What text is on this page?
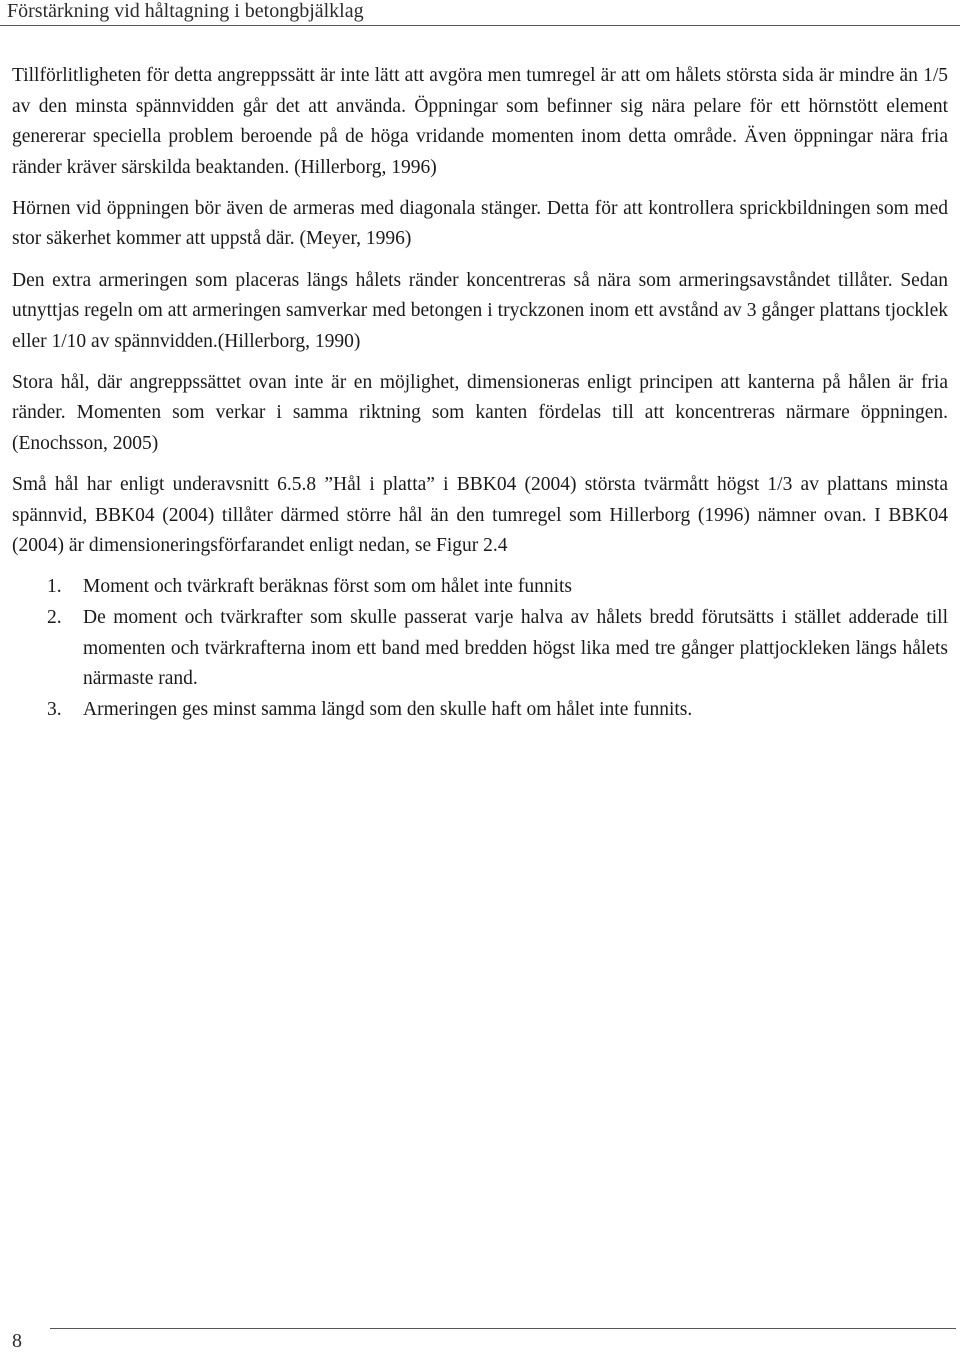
Förstärkning vid håltagning i betongbjälklag

Tillförlitligheten för detta angreppssätt är inte lätt att avgöra men tumregel är att om hålets största sida är mindre än 1/5 av den minsta spännvidden går det att använda. Öppningar som befinner sig nära pelare för ett hörnstött element genererar speciella problem beroende på de höga vridande momenten inom detta område. Även öppningar nära fria ränder kräver särskilda beaktanden. (Hillerborg, 1996)

Hörnen vid öppningen bör även de armeras med diagonala stänger. Detta för att kontrollera sprickbildningen som med stor säkerhet kommer att uppstå där. (Meyer, 1996)

Den extra armeringen som placeras längs hålets ränder koncentreras så nära som armeringsavståndet tillåter. Sedan utnyttjas regeln om att armeringen samverkar med betongen i tryckzonen inom ett avstånd av 3 gånger plattans tjocklek eller 1/10 av spännvidden.(Hillerborg, 1990)

Stora hål, där angreppssättet ovan inte är en möjlighet, dimensioneras enligt principen att kanterna på hålen är fria ränder. Momenten som verkar i samma riktning som kanten fördelas till att koncentreras närmare öppningen. (Enochsson, 2005)

Små hål har enligt underavsnitt 6.5.8 ”Hål i platta” i BBK04 (2004) största tvärmått högst 1/3 av plattans minsta spännvid, BBK04 (2004) tillåter därmed större hål än den tumregel som Hillerborg (1996) nämner ovan. I BBK04 (2004) är dimensioneringsförfarandet enligt nedan, se Figur 2.4

1.	Moment och tvärkraft beräknas först som om hålet inte funnits
2.	De moment och tvärkrafter som skulle passerat varje halva av hålets bredd förutsätts i stället adderade till momenten och tvärkrafterna inom ett band med bredden högst lika med tre gånger plattjockleken längs hålets närmaste rand.
3.	Armeringen ges minst samma längd som den skulle haft om hålet inte funnits.
8
